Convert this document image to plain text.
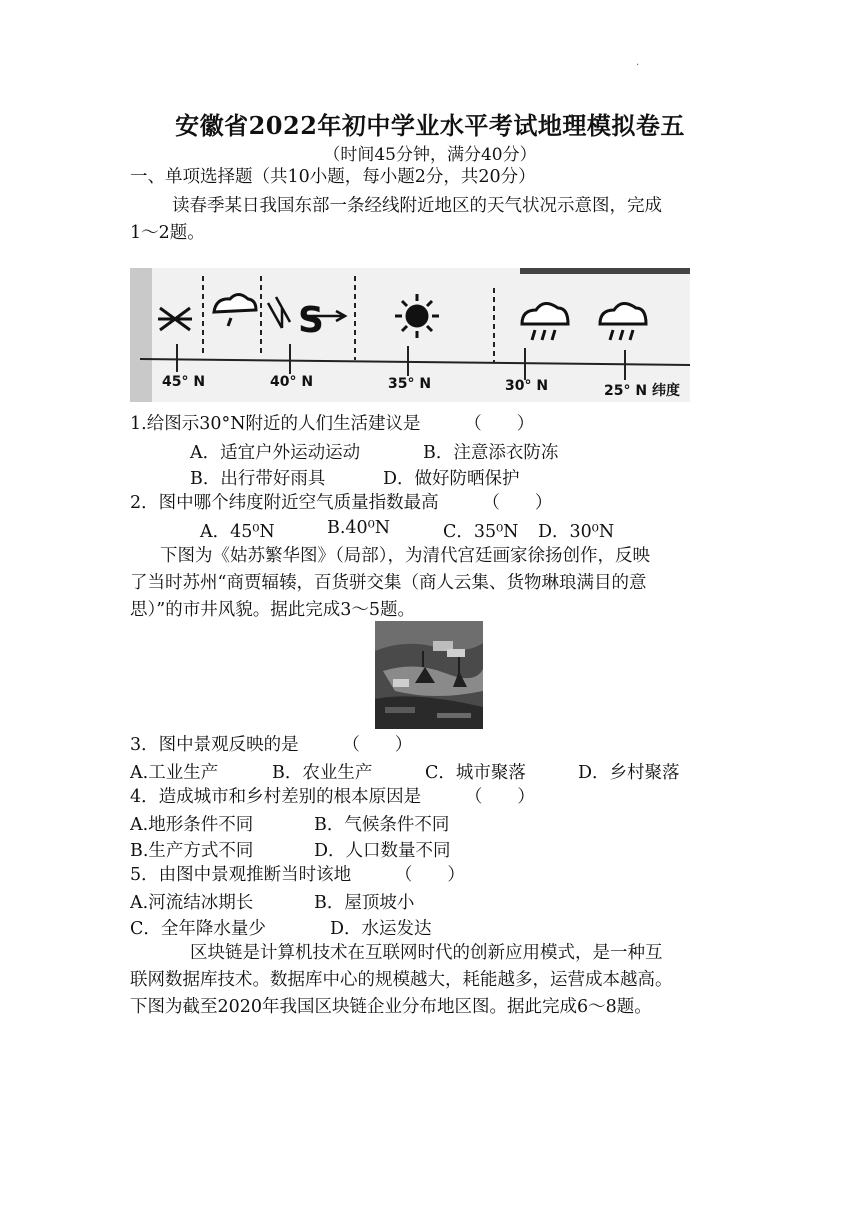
·
安徽省2022年初中学业水平考试地理模拟卷五
（时间45分钟，满分40分）
一、单项选择题（共10小题，每小题2分，共20分）
读春季某日我国东部一条经线附近地区的天气状况示意图，完成
1～2题。
S
45° N	40° N	35° N	30° N	25° N 纬度
1.给图示30°N附近的人们生活建议是　　　（　　）
A．适宜户外运动运动	B．注意添衣防冻
B．出行带好雨具	D．做好防晒保护
2．图中哪个纬度附近空气质量指数最高　　　（　　）
A．45⁰N	B.40⁰N	C．35⁰N D．30⁰N
下图为《姑苏繁华图》（局部），为清代宫廷画家徐扬创作，反映
了当时苏州“商贾辐辏，百货骈交集（商人云集、货物琳琅满目的意
思）”的市井风貌。据此完成3～5题。
3．图中景观反映的是　　　（　　）
A.工业生产	B．农业生产	C．城市聚落	D．乡村聚落
4．造成城市和乡村差别的根本原因是　　　（　　）
A.地形条件不同	B．气候条件不同
B.生产方式不同	D．人口数量不同
5．由图中景观推断当时该地　　　（　　）
A.河流结冰期长	B．屋顶坡小
C．全年降水量少	D．水运发达
区块链是计算机技术在互联网时代的创新应用模式，是一种互
联网数据库技术。数据库中心的规模越大，耗能越多，运营成本越高。
下图为截至2020年我国区块链企业分布地区图。据此完成6～8题。
